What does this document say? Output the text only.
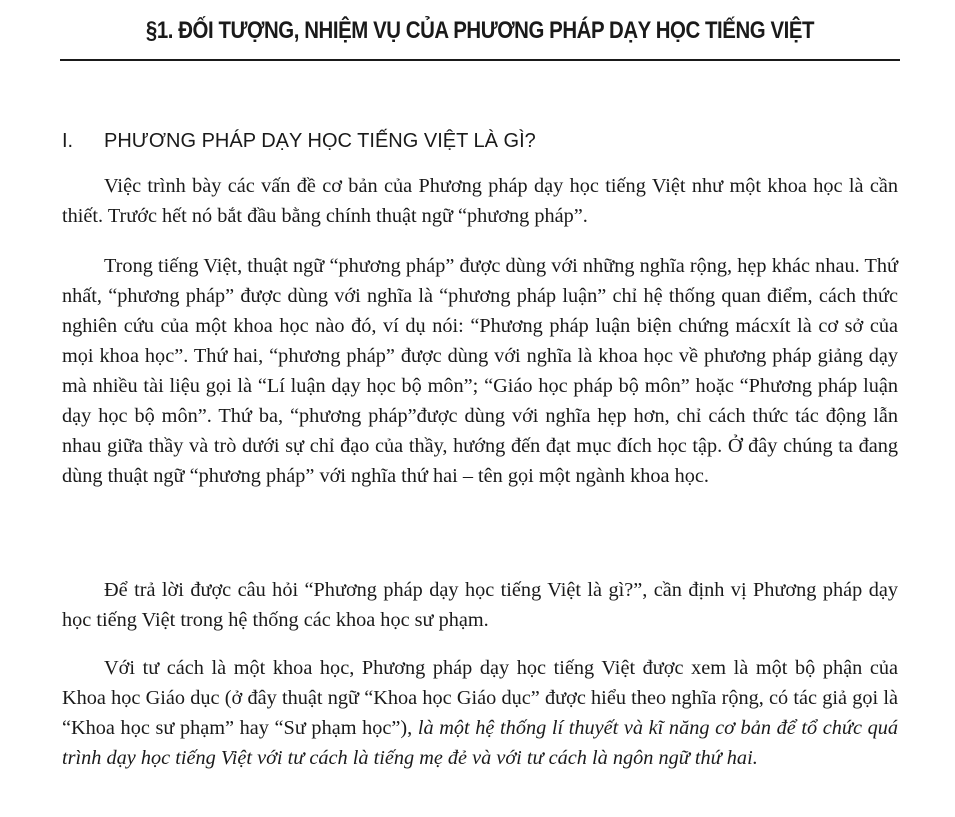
§1. ĐỐI TƯỢNG, NHIỆM VỤ CỦA PHƯƠNG PHÁP DẠY HỌC TIẾNG VIỆT
I. PHƯƠNG PHÁP DẠY HỌC TIẾNG VIỆT LÀ GÌ?

Việc trình bày các vấn đề cơ bản của Phương pháp dạy học tiếng Việt như một khoa học là cần thiết. Trước hết nó bắt đầu bằng chính thuật ngữ “phương pháp”.

Trong tiếng Việt, thuật ngữ “phương pháp” được dùng với những nghĩa rộng, hẹp khác nhau. Thứ nhất, “phương pháp” được dùng với nghĩa là “phương pháp luận” chỉ hệ thống quan điểm, cách thức nghiên cứu của một khoa học nào đó, ví dụ nói: “Phương pháp luận biện chứng mácxít là cơ sở của mọi khoa học”. Thứ hai, “phương pháp” được dùng với nghĩa là khoa học về phương pháp giảng dạy mà nhiều tài liệu gọi là “Lí luận dạy học bộ môn”; “Giáo học pháp bộ môn” hoặc “Phương pháp luận dạy học bộ môn”. Thứ ba, “phương pháp”được dùng với nghĩa hẹp hơn, chỉ cách thức tác động lẫn nhau giữa thầy và trò dưới sự chỉ đạo của thầy, hướng đến đạt mục đích học tập. Ở đây chúng ta đang dùng thuật ngữ “phương pháp” với nghĩa thứ hai – tên gọi một ngành khoa học.

Để trả lời được câu hỏi “Phương pháp dạy học tiếng Việt là gì?”, cần định vị Phương pháp dạy học tiếng Việt trong hệ thống các khoa học sư phạm.

Với tư cách là một khoa học, Phương pháp dạy học tiếng Việt được xem là một bộ phận của Khoa học Giáo dục (ở đây thuật ngữ “Khoa học Giáo dục” được hiểu theo nghĩa rộng, có tác giả gọi là “Khoa học sư phạm” hay “Sư phạm học”), là một hệ thống lí thuyết và kĩ năng cơ bản để tổ chức quá trình dạy học tiếng Việt với tư cách là tiếng mẹ đẻ và với tư cách là ngôn ngữ thứ hai.
